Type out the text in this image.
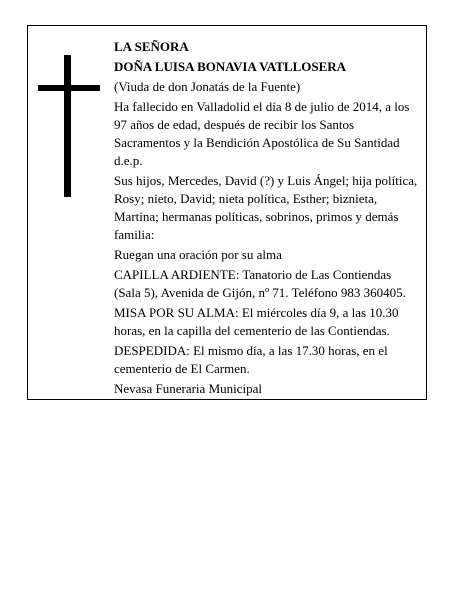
LA SEÑORA

DOÑA LUISA BONAVIA VATLLOSERA

(Viuda de don Jonatás de la Fuente)

Ha fallecido en Valladolid el día 8 de julio de 2014, a los 97 años de edad, después de recibir los Santos Sacramentos y la Bendición Apostólica de Su Santidad
d.e.p.

Sus hijos, Mercedes, David (?) y Luis Ángel; hija política, Rosy; nieto, David; nieta política, Esther; biznieta, Martina; hermanas políticas, sobrinos, primos y demás familia:

Ruegan una oración por su alma

CAPILLA ARDIENTE: Tanatorio de Las Contiendas (Sala 5), Avenida de Gijón, nº 71. Teléfono 983 360405.

MISA POR SU ALMA: El miércoles día 9, a las 10.30 horas, en la capilla del cementerio de las Contiendas.

DESPEDIDA: El mismo día, a las 17.30 horas, en el cementerio de El Carmen.

Nevasa Funeraria Municipal
